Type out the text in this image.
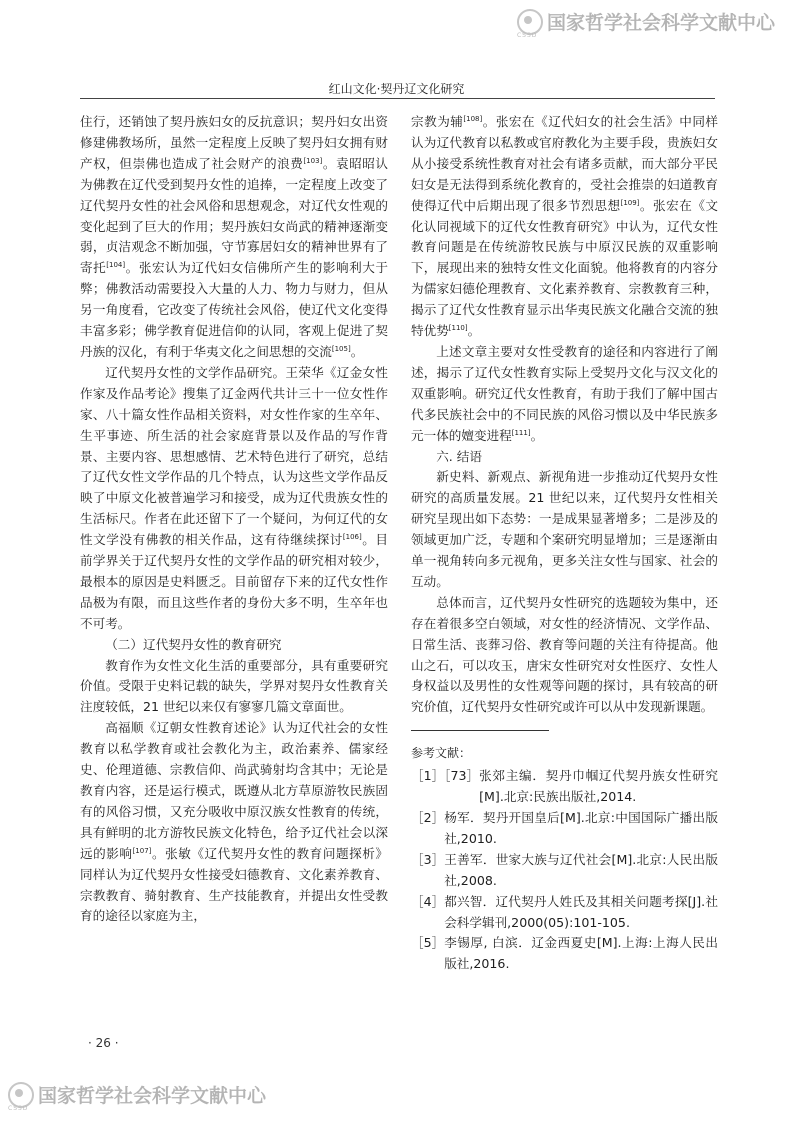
国家哲学社会科学文献中心
CSSD
国家哲学社会科学文献中心
CSSD
红山文化·契丹辽文化研究

住行，还销蚀了契丹族妇女的反抗意识；契丹妇女出资修建佛教场所，虽然一定程度上反映了契丹妇女拥有财产权，但崇佛也造成了社会财产的浪费[103]。袁昭昭认为佛教在辽代受到契丹女性的追捧，一定程度上改变了辽代契丹女性的社会风俗和思想观念，对辽代女性观的变化起到了巨大的作用；契丹族妇女尚武的精神逐渐变弱，贞洁观念不断加强，守节寡居妇女的精神世界有了寄托[104]。张宏认为辽代妇女信佛所产生的影响利大于弊；佛教活动需要投入大量的人力、物力与财力，但从另一角度看，它改变了传统社会风俗，使辽代文化变得丰富多彩；佛学教育促进信仰的认同，客观上促进了契丹族的汉化，有利于华夷文化之间思想的交流[105]。

辽代契丹女性的文学作品研究。王荣华《辽金女性作家及作品考论》搜集了辽金两代共计三十一位女性作家、八十篇女性作品相关资料，对女性作家的生卒年、生平事迹、所生活的社会家庭背景以及作品的写作背景、主要内容、思想感情、艺术特色进行了研究，总结了辽代女性文学作品的几个特点，认为这些文学作品反映了中原文化被普遍学习和接受，成为辽代贵族女性的生活标尺。作者在此还留下了一个疑问，为何辽代的女性文学没有佛教的相关作品，这有待继续探讨[106]。目前学界关于辽代契丹女性的文学作品的研究相对较少，最根本的原因是史料匮乏。目前留存下来的辽代女性作品极为有限，而且这些作者的身份大多不明，生卒年也不可考。

（二）辽代契丹女性的教育研究

教育作为女性文化生活的重要部分，具有重要研究价值。受限于史料记载的缺失，学界对契丹女性教育关注度较低，21 世纪以来仅有寥寥几篇文章面世。

高福顺《辽朝女性教育述论》认为辽代社会的女性教育以私学教育或社会教化为主，政治素养、儒家经史、伦理道德、宗教信仰、尚武骑射均含其中；无论是教育内容，还是运行模式，既遵从北方草原游牧民族固有的风俗习惯，又充分吸收中原汉族女性教育的传统，具有鲜明的北方游牧民族文化特色，给予辽代社会以深远的影响[107]。张敏《辽代契丹女性的教育问题探析》同样认为辽代契丹女性接受妇德教育、文化素养教育、宗教教育、骑射教育、生产技能教育，并提出女性受教育的途径以家庭为主，

宗教为辅[108]。张宏在《辽代妇女的社会生活》中同样认为辽代教育以私教或官府教化为主要手段，贵族妇女从小接受系统性教育对社会有诸多贡献，而大部分平民妇女是无法得到系统化教育的，受社会推崇的妇道教育使得辽代中后期出现了很多节烈思想[109]。张宏在《文化认同视域下的辽代女性教育研究》中认为，辽代女性教育问题是在传统游牧民族与中原汉民族的双重影响下，展现出来的独特女性文化面貌。他将教育的内容分为儒家妇德伦理教育、文化素养教育、宗教教育三种，揭示了辽代女性教育显示出华夷民族文化融合交流的独特优势[110]。

上述文章主要对女性受教育的途径和内容进行了阐述，揭示了辽代女性教育实际上受契丹文化与汉文化的双重影响。研究辽代女性教育，有助于我们了解中国古代多民族社会中的不同民族的风俗习惯以及中华民族多元一体的嬗变进程[111]。

六. 结语

新史料、新观点、新视角进一步推动辽代契丹女性研究的高质量发展。21 世纪以来，辽代契丹女性相关研究呈现出如下态势：一是成果显著增多；二是涉及的领域更加广泛，专题和个案研究明显增加；三是逐渐由单一视角转向多元视角，更多关注女性与国家、社会的互动。

总体而言，辽代契丹女性研究的选题较为集中，还存在着很多空白领域，对女性的经济情况、文学作品、日常生活、丧葬习俗、教育等问题的关注有待提高。他山之石，可以攻玉，唐宋女性研究对女性医疗、女性人身权益以及男性的女性观等问题的探讨，具有较高的研究价值，辽代契丹女性研究或许可以从中发现新课题。

参考文献：
［1］［73］ 张郊主编．契丹巾帼辽代契丹族女性研究[M].北京:民族出版社,2014.
［2］ 杨军．契丹开国皇后[M].北京:中国国际广播出版社,2010.
［3］ 王善军．世家大族与辽代社会[M].北京:人民出版社,2008.
［4］ 都兴智．辽代契丹人姓氏及其相关问题考探[J].社会科学辑刊,2000(05):101-105.
［5］ 李锡厚, 白滨．辽金西夏史[M].上海:上海人民出版社,2016.
· 26 ·
